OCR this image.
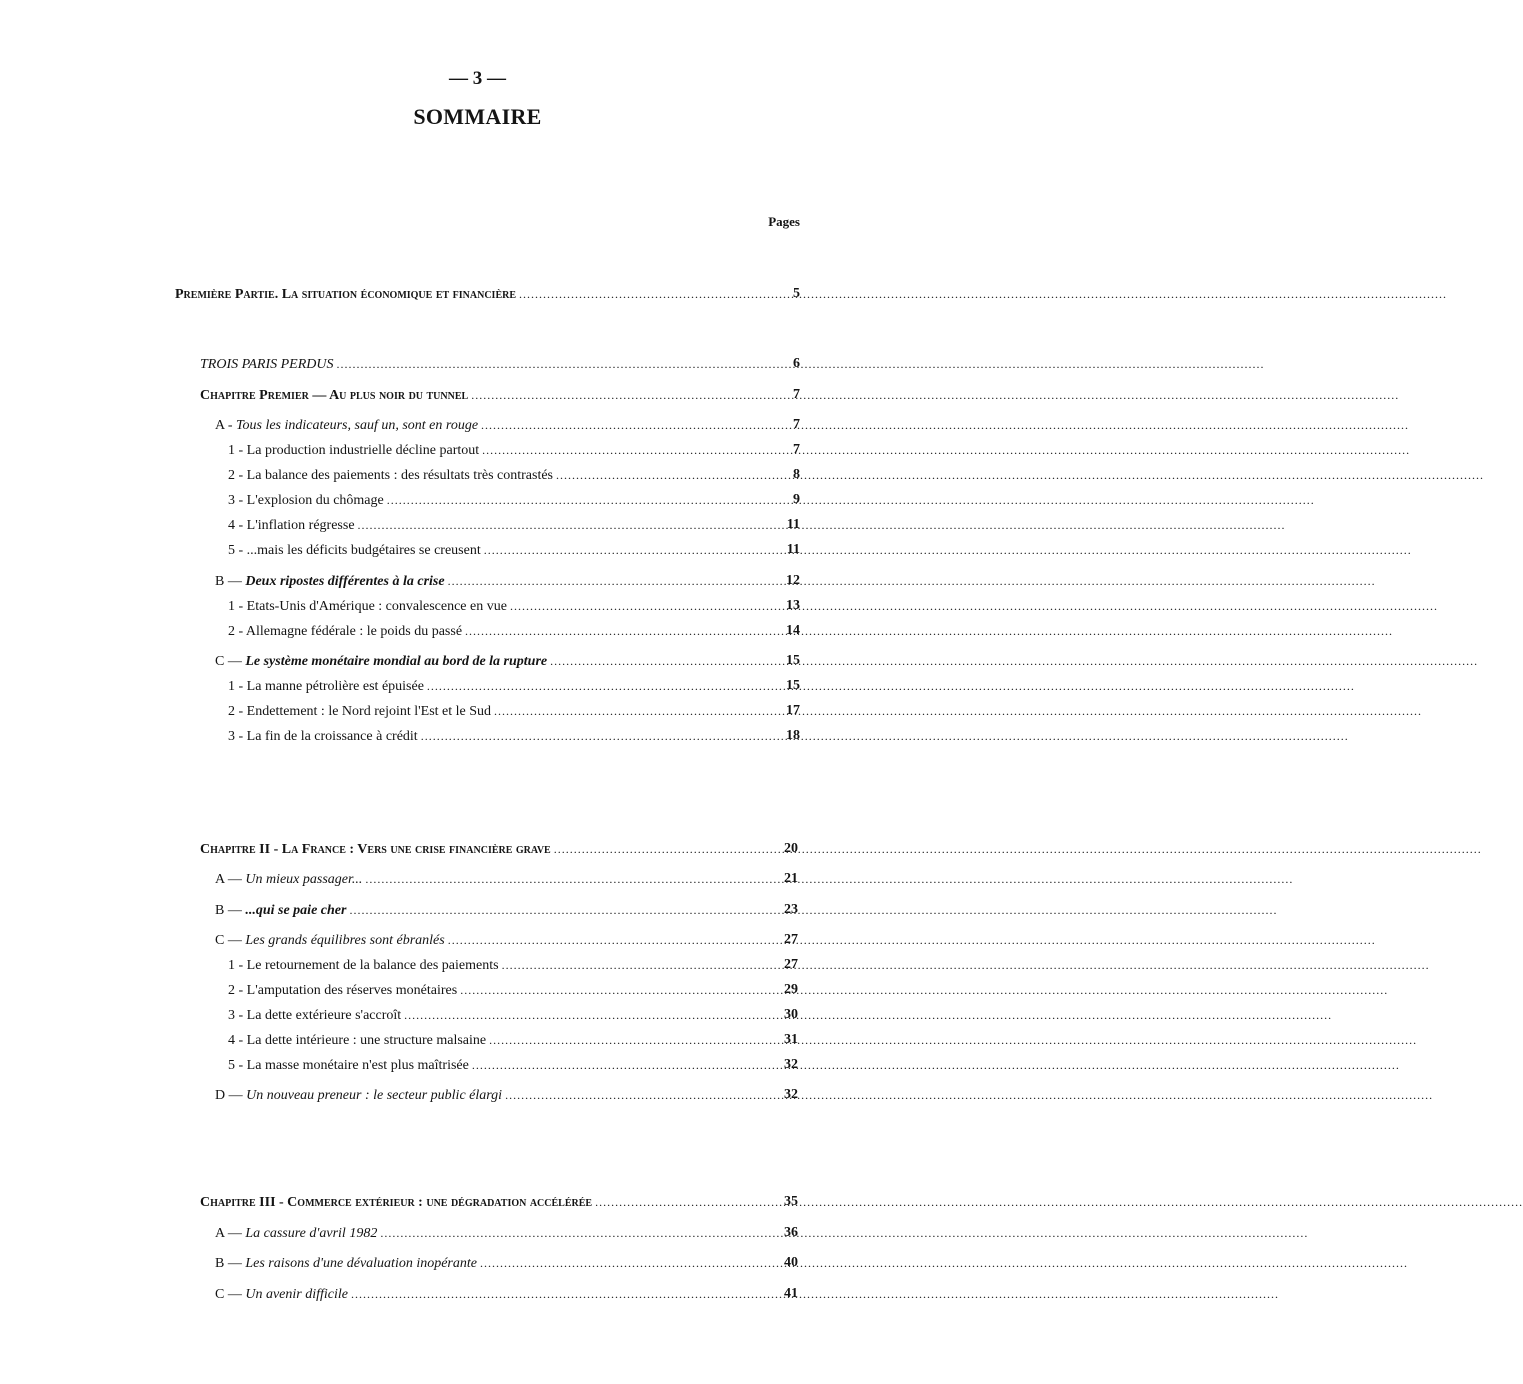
— 3 —
SOMMAIRE
Pages
Première Partie. La situation économique et financière .....	5
TROIS PARIS PERDUS .....	6
Chapitre Premier — Au plus noir du tunnel .....	7
A - Tous les indicateurs, sauf un, sont en rouge .....	7
1 - La production industrielle décline partout .....	7
2 - La balance des paiements : des résultats très contrastés .....	8
3 - L'explosion du chômage .....	9
4 - L'inflation régresse .....	11
5 - ...mais les déficits budgétaires se creusent .....	11
B — Deux ripostes différentes à la crise .....	12
1 - Etats-Unis d'Amérique : convalescence en vue .....	13
2 - Allemagne fédérale : le poids du passé .....	14
C — Le système monétaire mondial au bord de la rupture .....	15
1 - La manne pétrolière est épuisée .....	15
2 - Endettement : le Nord rejoint l'Est et le Sud .....	17
3 - La fin de la croissance à crédit .....	18
Chapitre II - La France : Vers une crise financière grave .....	20
A — Un mieux passager... .....	21
B — ...qui se paie cher .....	23
C — Les grands équilibres sont ébranlés .....	27
1 - Le retournement de la balance des paiements .....	27
2 - L'amputation des réserves monétaires .....	29
3 - La dette extérieure s'accroît .....	30
4 - La dette intérieure : une structure malsaine .....	31
5 - La masse monétaire n'est plus maîtrisée .....	32
D — Un nouveau preneur : le secteur public élargi .....	32
Chapitre III - Commerce extérieur : une dégradation accélérée .....	35
A — La cassure d'avril 1982 .....	36
B — Les raisons d'une dévaluation inopérante .....	40
C — Un avenir difficile .....	41
